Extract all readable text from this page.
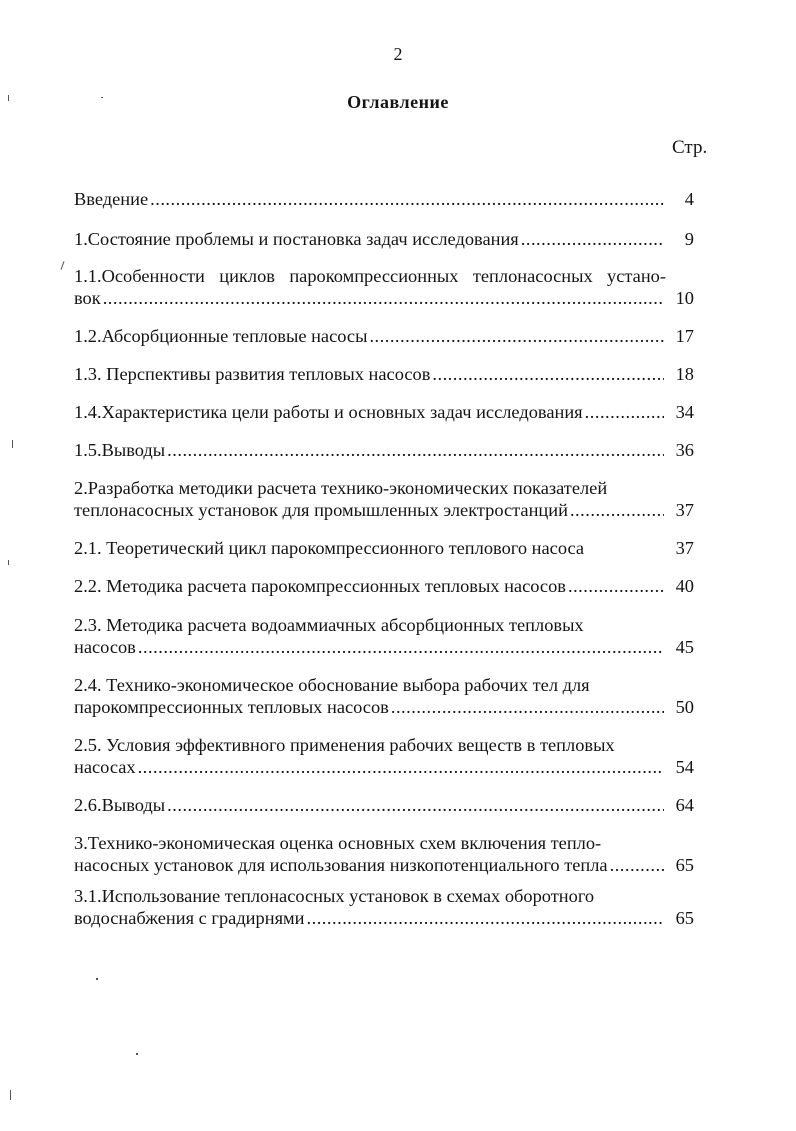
2
Оглавление
Стр.
Введение .....	4
1.Состояние проблемы и постановка задач исследования .....	9
1.1.Особенности циклов парокомпрессионных теплонасосных устано-
вок .....	10
1.2.Абсорбционные тепловые насосы .....	17
1.3. Перспективы развития тепловых насосов .....	18
1.4.Характеристика цели работы и основных задач исследования .....	34
1.5.Выводы .....	36
2.Разработка методики расчета технико-экономических показателей
теплонасосных установок для промышленных электростанций .....	37
2.1. Теоретический цикл парокомпрессионного теплового насоса	37
2.2. Методика расчета парокомпрессионных тепловых насосов .....	40
2.3. Методика расчета водоаммиачных абсорбционных тепловых
насосов .....	45
2.4. Технико-экономическое обоснование выбора рабочих тел для
парокомпрессионных тепловых насосов .....	50
2.5. Условия эффективного применения рабочих веществ в тепловых
насосах .....	54
2.6.Выводы .....	64
3.Технико-экономическая оценка основных схем включения тепло-
насосных установок для использования низкопотенциального тепла .....	65
3.1.Использование теплонасосных установок в схемах оборотного
водоснабжения с градирнями .....	65
